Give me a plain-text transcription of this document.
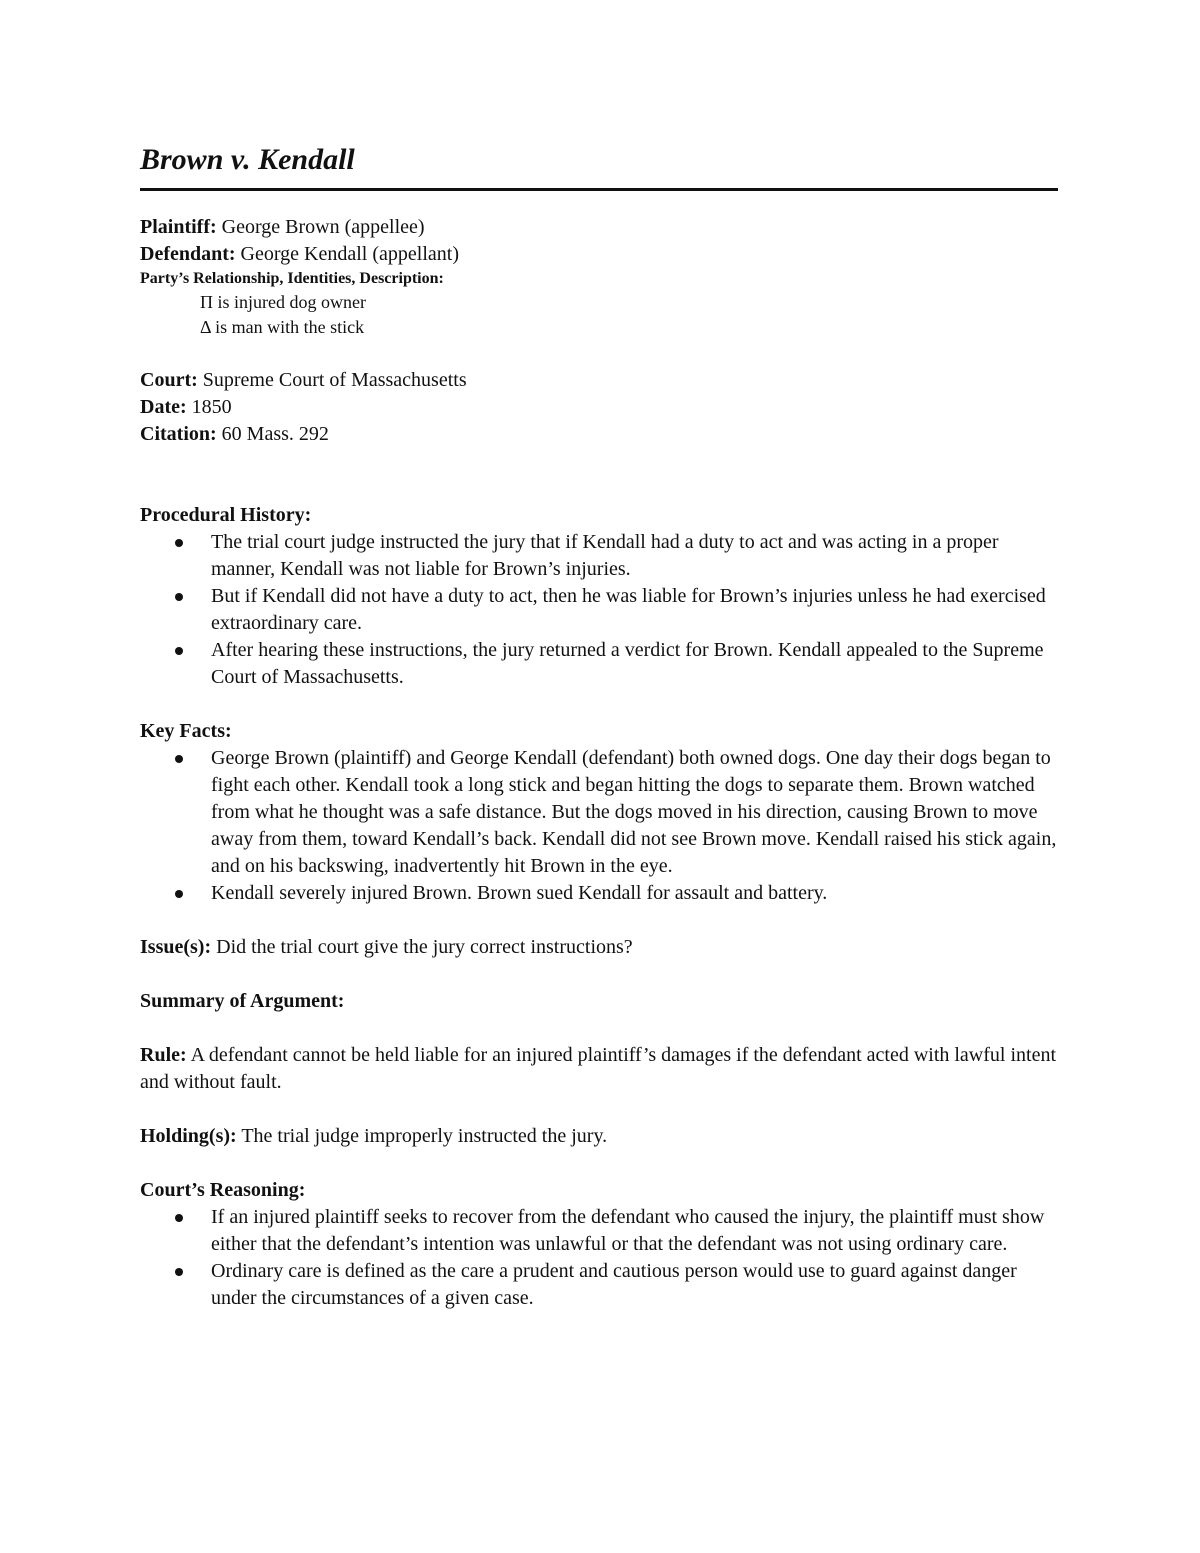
Brown v. Kendall

Plaintiff: George Brown (appellee)

Defendant: George Kendall (appellant)

Party’s Relationship, Identities, Description:

Π is injured dog owner

Δ is man with the stick

Court: Supreme Court of Massachusetts

Date: 1850

Citation: 60 Mass. 292

Procedural History:

The trial court judge instructed the jury that if Kendall had a duty to act and was acting in a proper manner, Kendall was not liable for Brown’s injuries.
But if Kendall did not have a duty to act, then he was liable for Brown’s injuries unless he had exercised extraordinary care.
After hearing these instructions, the jury returned a verdict for Brown. Kendall appealed to the Supreme Court of Massachusetts.

Key Facts:

George Brown (plaintiff) and George Kendall (defendant) both owned dogs. One day their dogs began to fight each other. Kendall took a long stick and began hitting the dogs to separate them. Brown watched from what he thought was a safe distance. But the dogs moved in his direction, causing Brown to move away from them, toward Kendall’s back. Kendall did not see Brown move. Kendall raised his stick again, and on his backswing, inadvertently hit Brown in the eye.
Kendall severely injured Brown. Brown sued Kendall for assault and battery.

Issue(s): Did the trial court give the jury correct instructions?

Summary of Argument:

Rule: A defendant cannot be held liable for an injured plaintiff’s damages if the defendant acted with lawful intent and without fault.

Holding(s): The trial judge improperly instructed the jury.

Court’s Reasoning:

If an injured plaintiff seeks to recover from the defendant who caused the injury, the plaintiff must show either that the defendant’s intention was unlawful or that the defendant was not using ordinary care.
Ordinary care is defined as the care a prudent and cautious person would use to guard against danger under the circumstances of a given case.
